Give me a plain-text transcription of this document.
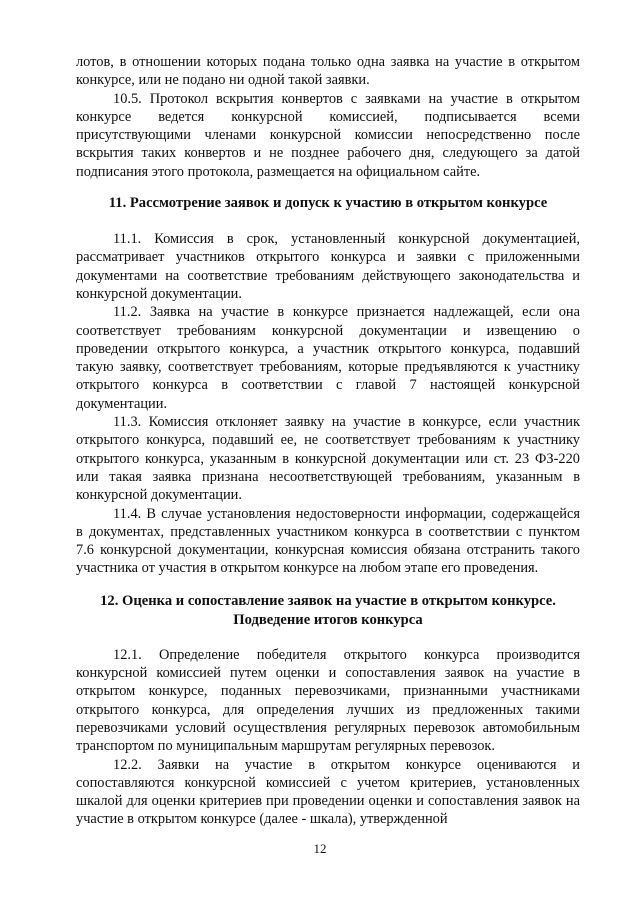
лотов, в отношении которых подана только одна заявка на участие в открытом конкурсе, или не подано ни одной такой заявки.

10.5. Протокол вскрытия конвертов с заявками на участие в открытом конкурсе ведется конкурсной комиссией, подписывается всеми присутствующими членами конкурсной комиссии непосредственно после вскрытия таких конвертов и не позднее рабочего дня, следующего за датой подписания этого протокола, размещается на официальном сайте.

11. Рассмотрение заявок и допуск к участию в открытом конкурсе

11.1. Комиссия в срок, установленный конкурсной документацией, рассматривает участников открытого конкурса и заявки с приложенными документами на соответствие требованиям действующего законодательства и конкурсной документации.

11.2. Заявка на участие в конкурсе признается надлежащей, если она соответствует требованиям конкурсной документации и извещению о проведении открытого конкурса, а участник открытого конкурса, подавший такую заявку, соответствует требованиям, которые предъявляются к участнику открытого конкурса в соответствии с главой 7 настоящей конкурсной документации.

11.3. Комиссия отклоняет заявку на участие в конкурсе, если участник открытого конкурса, подавший ее, не соответствует требованиям к участнику открытого конкурса, указанным в конкурсной документации или ст. 23 ФЗ-220 или такая заявка признана несоответствующей требованиям, указанным в конкурсной документации.

11.4. В случае установления недостоверности информации, содержащейся в документах, представленных участником конкурса в соответствии с пунктом 7.6 конкурсной документации, конкурсная комиссия обязана отстранить такого участника от участия в открытом конкурсе на любом этапе его проведения.

12. Оценка и сопоставление заявок на участие в открытом конкурсе.
Подведение итогов конкурса

12.1. Определение победителя открытого конкурса производится конкурсной комиссией путем оценки и сопоставления заявок на участие в открытом конкурсе, поданных перевозчиками, признанными участниками открытого конкурса, для определения лучших из предложенных такими перевозчиками условий осуществления регулярных перевозок автомобильным транспортом по муниципальным маршрутам регулярных перевозок.

12.2. Заявки на участие в открытом конкурсе оцениваются и сопоставляются конкурсной комиссией с учетом критериев, установленных шкалой для оценки критериев при проведении оценки и сопоставления заявок на участие в открытом конкурсе (далее - шкала), утвержденной

12
